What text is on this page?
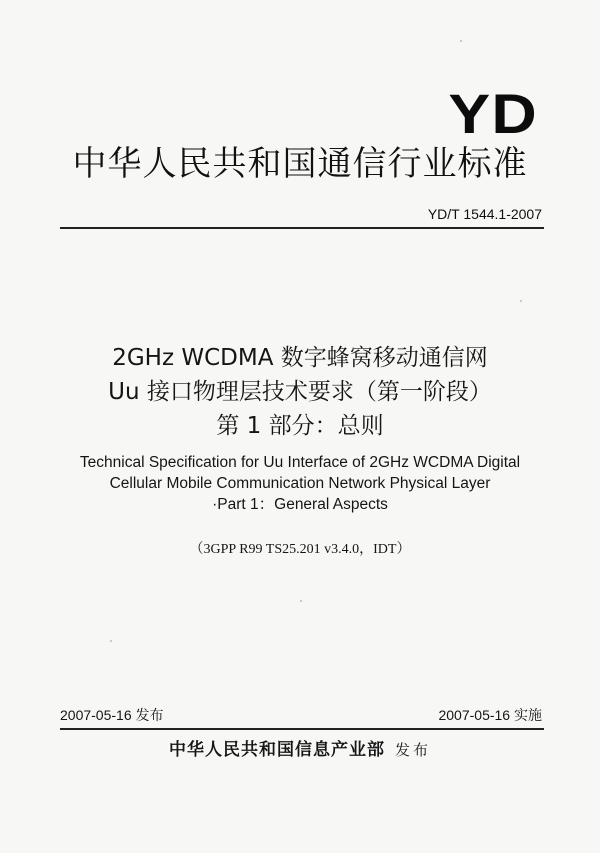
YD
中华人民共和国通信行业标准
YD/T 1544.1-2007
2GHz WCDMA 数字蜂窝移动通信网
Uu 接口物理层技术要求（第一阶段）
第 1 部分：总则
Technical Specification for Uu Interface of 2GHz WCDMA Digital
Cellular Mobile Communication Network Physical Layer
·Part 1：General Aspects
（3GPP R99 TS25.201 v3.4.0，IDT）
2007-05-16 发布	2007-05-16 实施
中华人民共和国信息产业部 发布
